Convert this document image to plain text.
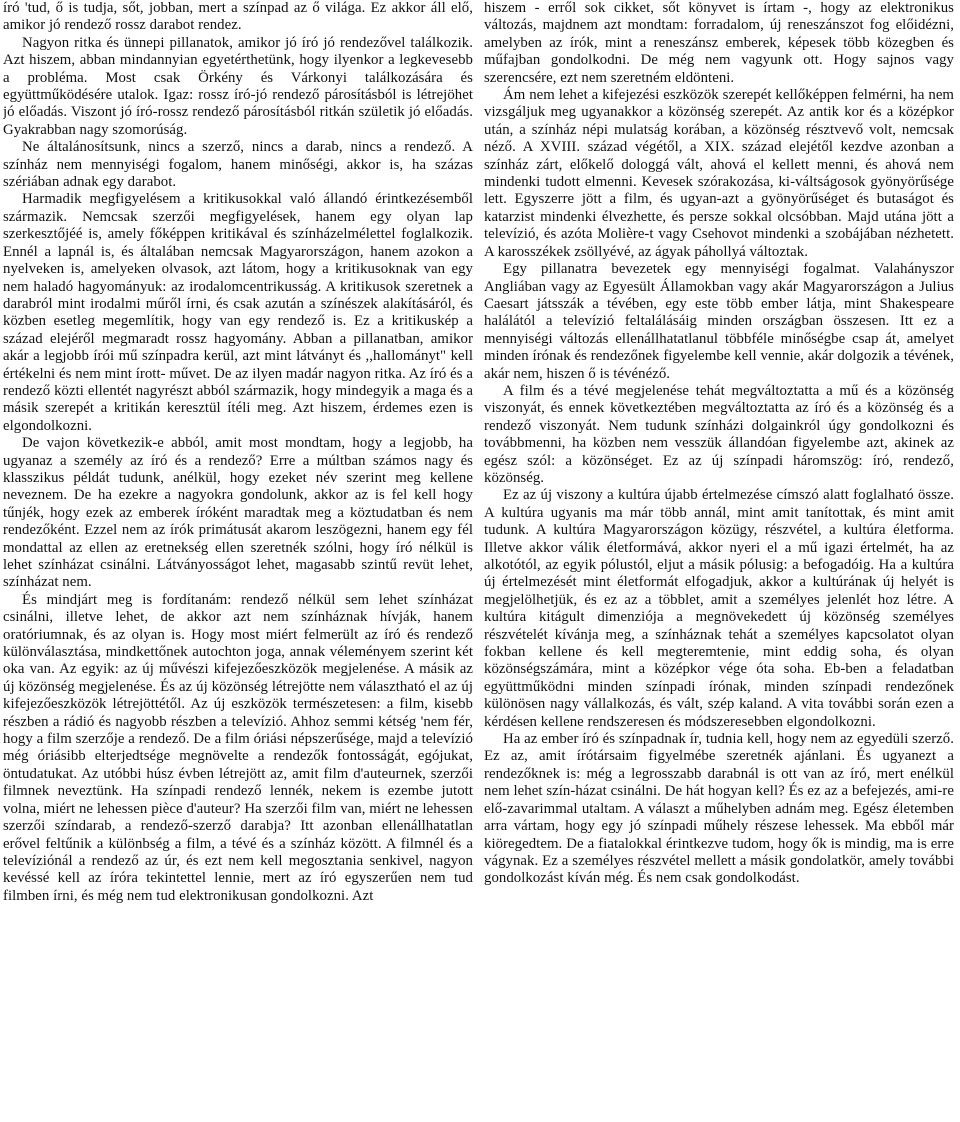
író 'tud, ő is tudja, sőt, jobban, mert a színpad az ő világa. Ez akkor áll elő, amikor jó rendező rossz darabot rendez.

Nagyon ritka és ünnepi pillanatok, amikor jó író jó rendezővel találkozik. Azt hiszem, abban mindannyian egyetérthetünk, hogy ilyenkor a legkevesebb a probléma. Most csak Örkény és Várkonyi találkozására és együttműködésére utalok. Igaz: rossz író-jó rendező párosításból is létrejöhet jó előadás. Viszont jó író-rossz rendező párosításból ritkán születik jó előadás. Gyakrabban nagy szomorúság.

Ne általánosítsunk, nincs a szerző, nincs a darab, nincs a rendező. A színház nem mennyiségi fogalom, hanem minőségi, akkor is, ha százas szériában adnak egy darabot.

Harmadik megfigyelésem a kritikusokkal való állandó érintkezésemből származik. Nemcsak szerzői megfigyelések, hanem egy olyan lap szerkesztőjéé is, amely főképpen kritikával és színházelmélettel foglalkozik. Ennél a lapnál is, és általában nemcsak Magyarországon, hanem azokon a nyelveken is, amelyeken olvasok, azt látom, hogy a kritikusoknak van egy nem haladó hagyományuk: az irodalomcentrikusság. A kritikusok szeretnek a darabról mint irodalmi műről írni, és csak azután a színészek alakításáról, és közben esetleg megemlítik, hogy van egy rendező is. Ez a kritikuskép a század elejéről megmaradt rossz hagyomány. Abban a pillanatban, amikor akár a legjobb írói mű színpadra kerül, azt mint látványt és ,,hallományt" kell értékelni és nem mint írott- művet. De az ilyen madár nagyon ritka. Az író és a rendező közti ellentét nagyrészt abból származik, hogy mindegyik a maga és a másik szerepét a kritikán keresztül ítéli meg. Azt hiszem, érdemes ezen is elgondolkozni.

De vajon következik-e abból, amit most mondtam, hogy a legjobb, ha ugyanaz a személy az író és a rendező? Erre a múltban számos nagy és klasszikus példát tudunk, anélkül, hogy ezeket név szerint meg kellene neveznem. De ha ezekre a nagyokra gondolunk, akkor az is fel kell hogy tűnjék, hogy ezek az emberek íróként maradtak meg a köztudatban és nem rendezőként. Ezzel nem az írók primátusát akarom leszögezni, hanem egy fél mondattal az ellen az eretnekség ellen szeretnék szólni, hogy író nélkül is lehet színházat csinálni. Látványosságot lehet, magasabb szintű revüt lehet, színházat nem.

És mindjárt meg is fordítanám: rendező nélkül sem lehet színházat csinálni, illetve lehet, de akkor azt nem színháznak hívják, hanem oratóriumnak, és az olyan is. Hogy most miért felmerült az író és rendező különválasztása, mindkettőnek autochton joga, annak véleményem szerint két oka van. Az egyik: az új művészi kifejezőeszközök megjelenése. A másik az új közönség megjelenése. És az új közönség létrejötte nem választható el az új kifejezőeszközök létrejöttétől. Az új eszközök természetesen: a film, kisebb részben a rádió és nagyobb részben a televízió. Ahhoz semmi kétség 'nem fér, hogy a film szerzője a rendező. De a film óriási népszerűsége, majd a televízió még óriásibb elterjedtsége megnövelte a rendezők fontosságát, egójukat, öntudatukat. Az utóbbi húsz évben létrejött az, amit film d'auteurnek, szerzői filmnek neveztünk. Ha színpadi rendező lennék, nekem is ezembe jutott volna, miért ne lehessen pièce d'auteur? Ha szerzői film van, miért ne lehessen szerzői színdarab, a rendező-szerző darabja? Itt azonban ellenállhatatlan erővel feltűnik a különbség a film, a tévé és a színház között. A filmnél és a televíziónál a rendező az úr, és ezt nem kell megosztania senkivel, nagyon kevéssé kell az íróra tekintettel lennie, mert az író egyszerűen nem tud filmben írni, és még nem tud elektronikusan gondolkozni. Azt

hiszem - erről sok cikket, sőt könyvet is írtam -, hogy az elektronikus változás, majdnem azt mondtam: forradalom, új reneszánszot fog előidézni, amelyben az írók, mint a reneszánsz emberek, képesek több közegben és műfajban gondolkodni. De még nem vagyunk ott. Hogy sajnos vagy szerencsére, ezt nem szeretném eldönteni.

Ám nem lehet a kifejezési eszközök szerepét kellőképpen felmérni, ha nem vizsgáljuk meg ugyanakkor a közönség szerepét. Az antik kor és a középkor után, a színház népi mulatság korában, a közönség résztvevő volt, nemcsak néző. A XVIII. század végétől, a XIX. század elejétől kezdve azonban a színház zárt, előkelő dologgá vált, ahová el kellett menni, és ahová nem mindenki tudott elmenni. Kevesek szórakozása, ki-váltságosok gyönyörűsége lett. Egyszerre jött a film, és ugyan-azt a gyönyörűséget és butaságot és katarzist mindenki élvezhette, és persze sokkal olcsóbban. Majd utána jött a televízió, és azóta Molière-t vagy Csehovot mindenki a szobájában nézhetett. A karosszékek zsöllyévé, az ágyak páhollyá változtak.

Egy pillanatra bevezetek egy mennyiségi fogalmat. Valahányszor Angliában vagy az Egyesült Államokban vagy akár Magyarországon a Julius Caesart játsszák a tévében, egy este több ember látja, mint Shakespeare halálától a televízió feltalálásáig minden országban összesen. Itt ez a mennyiségi változás ellenállhatatlanul többféle minőségbe csap át, amelyet minden írónak és rendezőnek figyelembe kell vennie, akár dolgozik a tévének, akár nem, hiszen ő is tévénéző.

A film és a tévé megjelenése tehát megváltoztatta a mű és a közönség viszonyát, és ennek következtében megváltoztatta az író és a közönség és a rendező viszonyát. Nem tudunk színházi dolgainkról úgy gondolkozni és továbbmenni, ha közben nem vesszük állandóan figyelembe azt, akinek az egész szól: a közönséget. Ez az új színpadi háromszög: író, rendező, közönség.

Ez az új viszony a kultúra újabb értelmezése címszó alatt foglalható össze. A kultúra ugyanis ma már több annál, mint amit tanítottak, és mint amit tudunk. A kultúra Magyarországon közügy, részvétel, a kultúra életforma. Illetve akkor válik életformává, akkor nyeri el a mű igazi értelmét, ha az alkotótól, az egyik pólustól, eljut a másik pólusig: a befogadóig. Ha a kultúra új értelmezését mint életformát elfogadjuk, akkor a kultúrának új helyét is megjelölhetjük, és ez az a többlet, amit a személyes jelenlét hoz létre. A kultúra kitágult dimenziója a megnövekedett új közönség személyes részvételét kívánja meg, a színháznak tehát a személyes kapcsolatot olyan fokban kellene és kell megteremtenie, mint eddig soha, és olyan közönségszámára, mint a középkor vége óta soha. Eb-ben a feladatban együttműködni minden színpadi írónak, minden színpadi rendezőnek különösen nagy vállalkozás, és vált, szép kaland. A vita további során ezen a kérdésen kellene rendszeresen és módszeresebben elgondolkozni.

Ha az ember író és színpadnak ír, tudnia kell, hogy nem az egyedüli szerző. Ez az, amit írótársaim figyelmébe szeretnék ajánlani. És ugyanezt a rendezőknek is: még a legrosszabb darabnál is ott van az író, mert enélkül nem lehet szín-házat csinálni. De hát hogyan kell? És ez az a befejezés, ami-re elő-zavarimmal utaltam. A választ a műhelyben adnám meg. Egész életemben arra vártam, hogy egy jó színpadi műhely részese lehessek. Ma ebből már kiöregedtem. De a fiatalokkal érintkezve tudom, hogy ők is mindig, ma is erre vágynak. Ez a személyes részvétel mellett a másik gondolatkör, amely további gondolkozást kíván még. És nem csak gondolkodást.
